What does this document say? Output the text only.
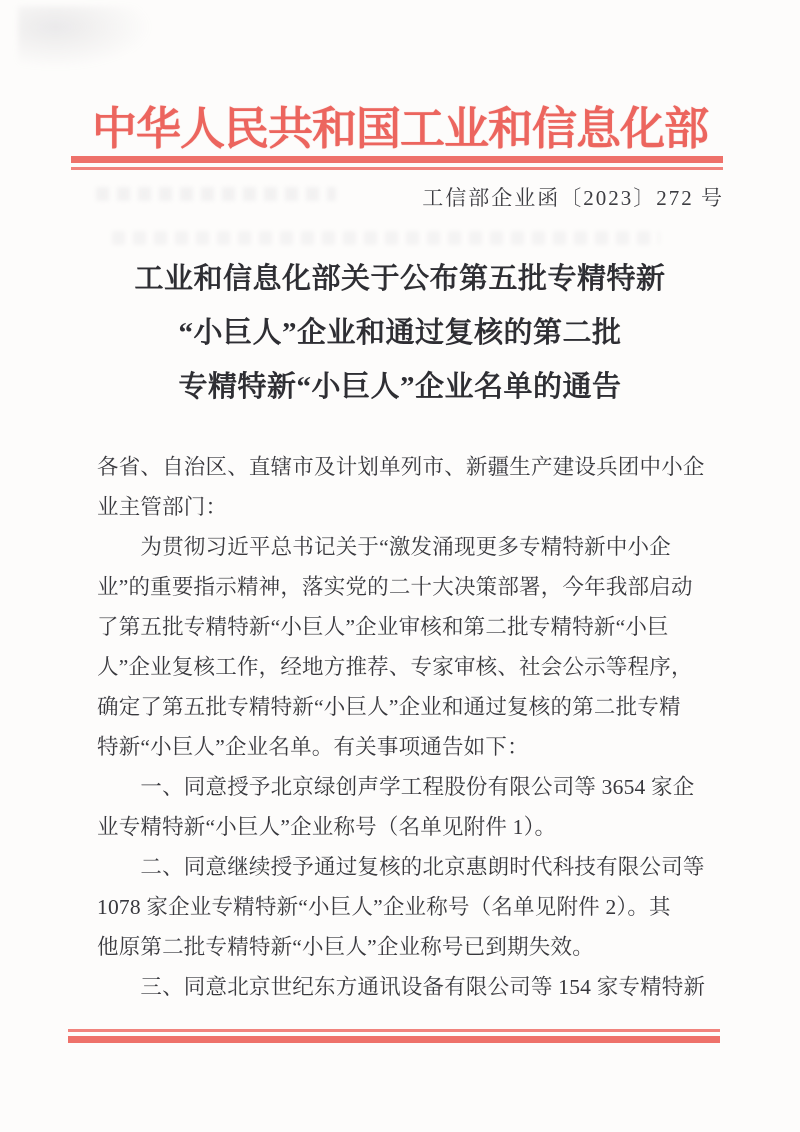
中华人民共和国工业和信息化部
工信部企业函〔2023〕272 号
工业和信息化部关于公布第五批专精特新
“小巨人”企业和通过复核的第二批
专精特新“小巨人”企业名单的通告
各省、自治区、直辖市及计划单列市、新疆生产建设兵团中小企
业主管部门：
　　为贯彻习近平总书记关于“激发涌现更多专精特新中小企
业”的重要指示精神，落实党的二十大决策部署，今年我部启动
了第五批专精特新“小巨人”企业审核和第二批专精特新“小巨
人”企业复核工作，经地方推荐、专家审核、社会公示等程序，
确定了第五批专精特新“小巨人”企业和通过复核的第二批专精
特新“小巨人”企业名单。有关事项通告如下：
　　一、同意授予北京绿创声学工程股份有限公司等 3654 家企
业专精特新“小巨人”企业称号（名单见附件 1）。
　　二、同意继续授予通过复核的北京惠朗时代科技有限公司等
1078 家企业专精特新“小巨人”企业称号（名单见附件 2）。其
他原第二批专精特新“小巨人”企业称号已到期失效。
　　三、同意北京世纪东方通讯设备有限公司等 154 家专精特新
